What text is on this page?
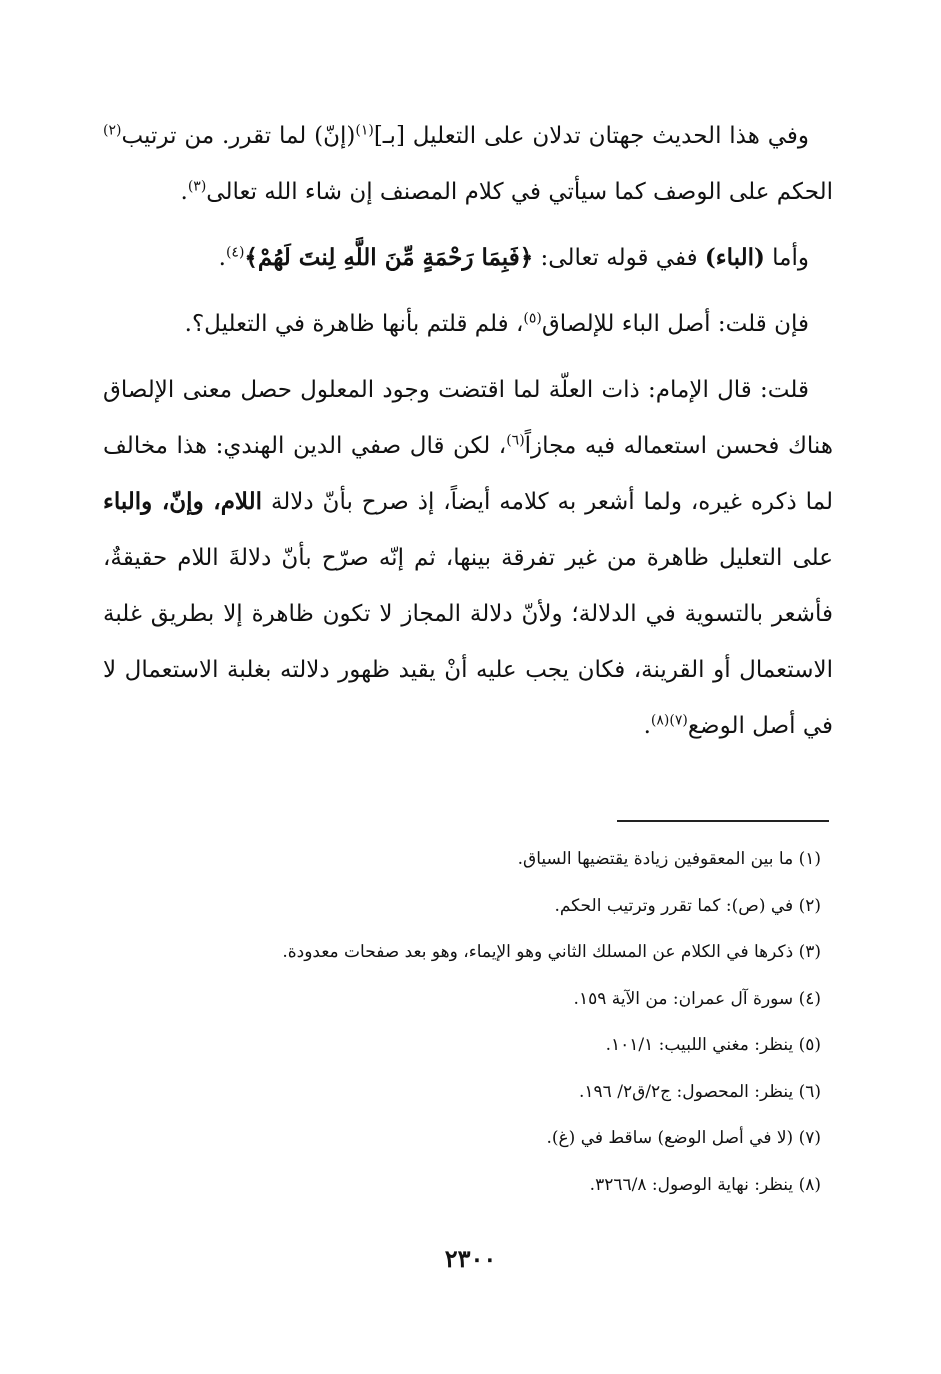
وفي هذا الحديث جهتان تدلان على التعليل [بـ]$^{(١)}$(إنّ) لما تقرر. من ترتيب$^{(٢)}$ الحكم على الوصف كما سيأتي في كلام المصنف إن شاء الله تعالى$^{(٣)}$.

وأما (الباء) ففي قوله تعالى: ﴿فَبِمَا رَحْمَةٍ مِّنَ اللَّهِ لِنتَ لَهُمْ﴾$^{(٤)}$.

فإن قلت: أصل الباء للإلصاق$^{(٥)}$، فلم قلتم بأنها ظاهرة في التعليل؟.

قلت: قال الإمام: ذات العلّة لما اقتضت وجود المعلول حصل معنى الإلصاق هناك فحسن استعماله فيه مجازاً$^{(٦)}$، لكن قال صفي الدين الهندي: هذا مخالف لما ذكره غيره، ولما أشعر به كلامه أيضاً، إذ صرح بأنّ دلالة اللام، وإنّ، والباء على التعليل ظاهرة من غير تفرقة بينها، ثم إنّه صرّح بأنّ دلالةَ اللام حقيقةٌ، فأشعر بالتسوية في الدلالة؛ ولأنّ دلالة المجاز لا تكون ظاهرة إلا بطريق غلبة الاستعمال أو القرينة، فكان يجب عليه أنْ يقيد ظهور دلالته بغلبة الاستعمال لا في أصل الوضع$^{(٧)(٨)}$.

(١) ما بين المعقوفين زيادة يقتضيها السياق.
(٢) في (ص): كما تقرر وترتيب الحكم.
(٣) ذكرها في الكلام عن المسلك الثاني وهو الإيماء، وهو بعد صفحات معدودة.
(٤) سورة آل عمران: من الآية ١٥٩.
(٥) ينظر: مغني اللبيب: ١٠١/١.
(٦) ينظر: المحصول: ج٢/ق٢/ ١٩٦.
(٧) (لا في أصل الوضع) ساقط في (غ).
(٨) ينظر: نهاية الوصول: ٣٢٦٦/٨.
٢٣٠٠
